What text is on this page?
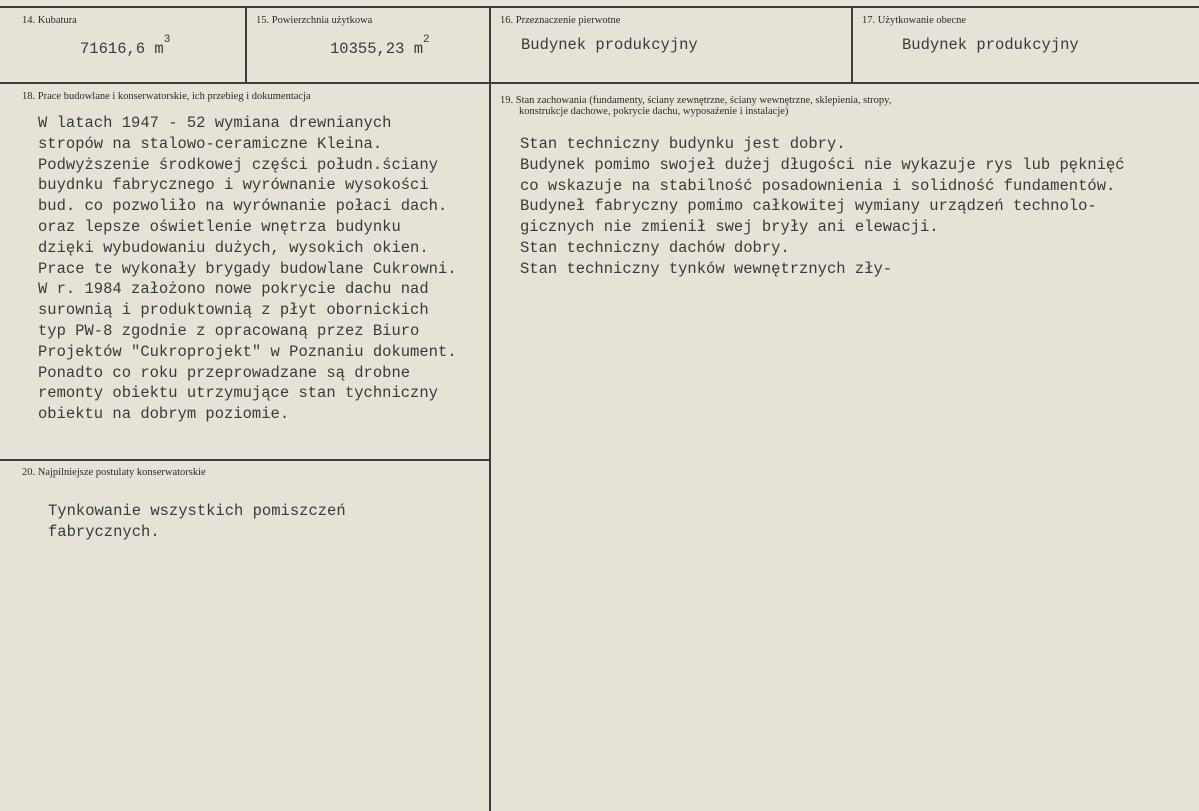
14. Kubatura
71616,6 $m^3$
15. Powierzchnia użytkowa
10355,23 $m^2$
16. Przeznaczenie pierwotne
Budynek produkcyjny
17. Użytkowanie obecne
Budynek produkcyjny
18. Prace budowlane i konserwatorskie, ich przebieg i dokumentacja
W latach 1947 - 52 wymiana drewnianych
stropów na stalowo-ceramiczne Kleina.
Podwyższenie środkowej części połudn.ściany
buydnku fabrycznego i wyrównanie wysokości
bud. co pozwoliło na wyrównanie połaci dach.
oraz lepsze oświetlenie wnętrza budynku
dzięki wybudowaniu dużych, wysokich okien.
Prace te wykonały brygady budowlane Cukrowni.
W r. 1984 założono nowe pokrycie dachu nad
surownią i produktownią z płyt obornickich
typ PW-8 zgodnie z opracowaną przez Biuro
Projektów "Cukroprojekt" w Poznaniu dokument.
Ponadto co roku przeprowadzane są drobne
remonty obiektu utrzymujące stan tychniczny
obiektu na dobrym poziomie.
19. Stan zachowania (fundamenty, ściany zewnętrzne, ściany wewnętrzne, sklepienia, stropy,
konstrukcje dachowe, pokrycie dachu, wyposażenie i instalacje)
Stan techniczny budynku jest dobry.
Budynek pomimo swojeł dużej długości nie wykazuje rys lub pęknięć
co wskazuje na stabilność posadownienia i solidność fundamentów.
Budyneł fabryczny pomimo całkowitej wymiany urządzeń technolo-
gicznych nie zmienił swej bryły ani elewacji.
Stan techniczny dachów dobry.
Stan techniczny tynków wewnętrznych zły-
20. Najpilniejsze postulaty konserwatorskie
Tynkowanie wszystkich pomiszczeń
fabrycznych.
